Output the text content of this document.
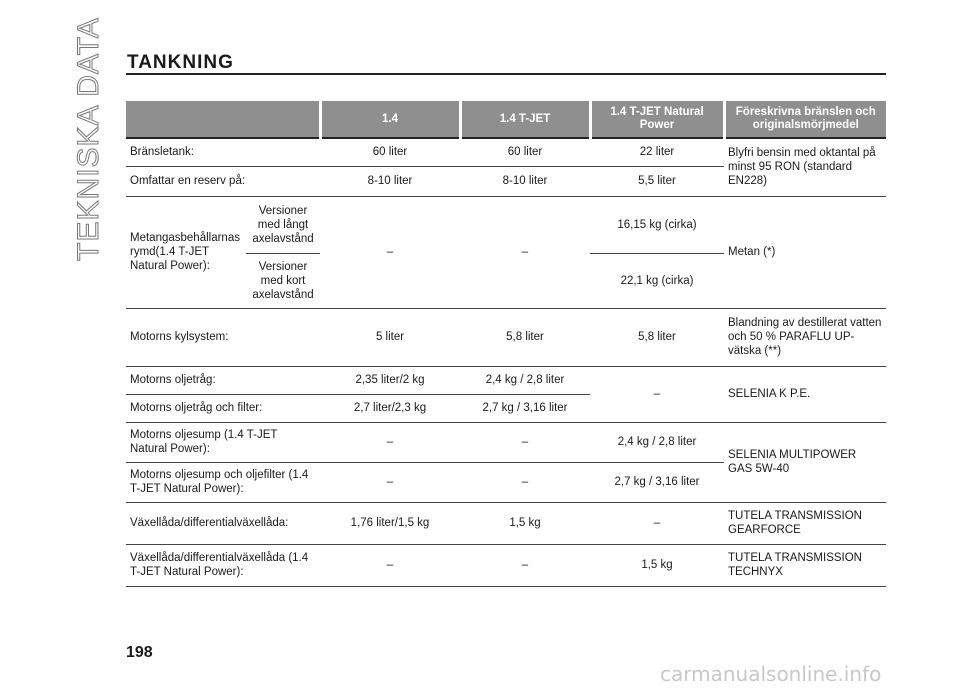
TEKNISKA DATA TANKNING
		1.4	1.4 T-JET	1.4 T-JET Natural Power	Föreskrivna bränslen och originalsmörjmedel
Bränsletank:		60 liter	60 liter	22 liter	Blyfri bensin med oktantal på minst 95 RON (standard EN228)
Omfattar en reserv på:		8-10 liter	8-10 liter	5,5 liter	
Metangasbehållarnas rymd(1.4 T-JET Natural Power):	Versioner med långt axelavstånd	–	–	16,15 kg (cirka)	Metan (*)
	Versioner med kort axelavstånd			22,1 kg (cirka)	
Motorns kylsystem:		5 liter	5,8 liter	5,8 liter	Blandning av destillerat vatten och 50 % PARAFLU UP-vätska (**)
Motorns oljetråg:		2,35 liter/2 kg	2,4 kg / 2,8 liter	–	SELENIA K P.E.
Motorns oljetråg och filter:		2,7 liter/2,3 kg	2,7 kg / 3,16 liter		
Motorns oljesump (1.4 T-JET Natural Power):		–	–	2,4 kg / 2,8 liter	SELENIA MULTIPOWER GAS 5W-40
Motorns oljesump och oljefilter (1.4 T-JET Natural Power):		–	–	2,7 kg / 3,16 liter	
Växellåda/differentialväxellåda:		1,76 liter/1,5 kg	1,5 kg	–	TUTELA TRANSMISSION GEARFORCE
Växellåda/differentialväxellåda (1.4 T-JET Natural Power):		–	–	1,5 kg	TUTELA TRANSMISSION TECHNYX
198
carmanualsonline.info
